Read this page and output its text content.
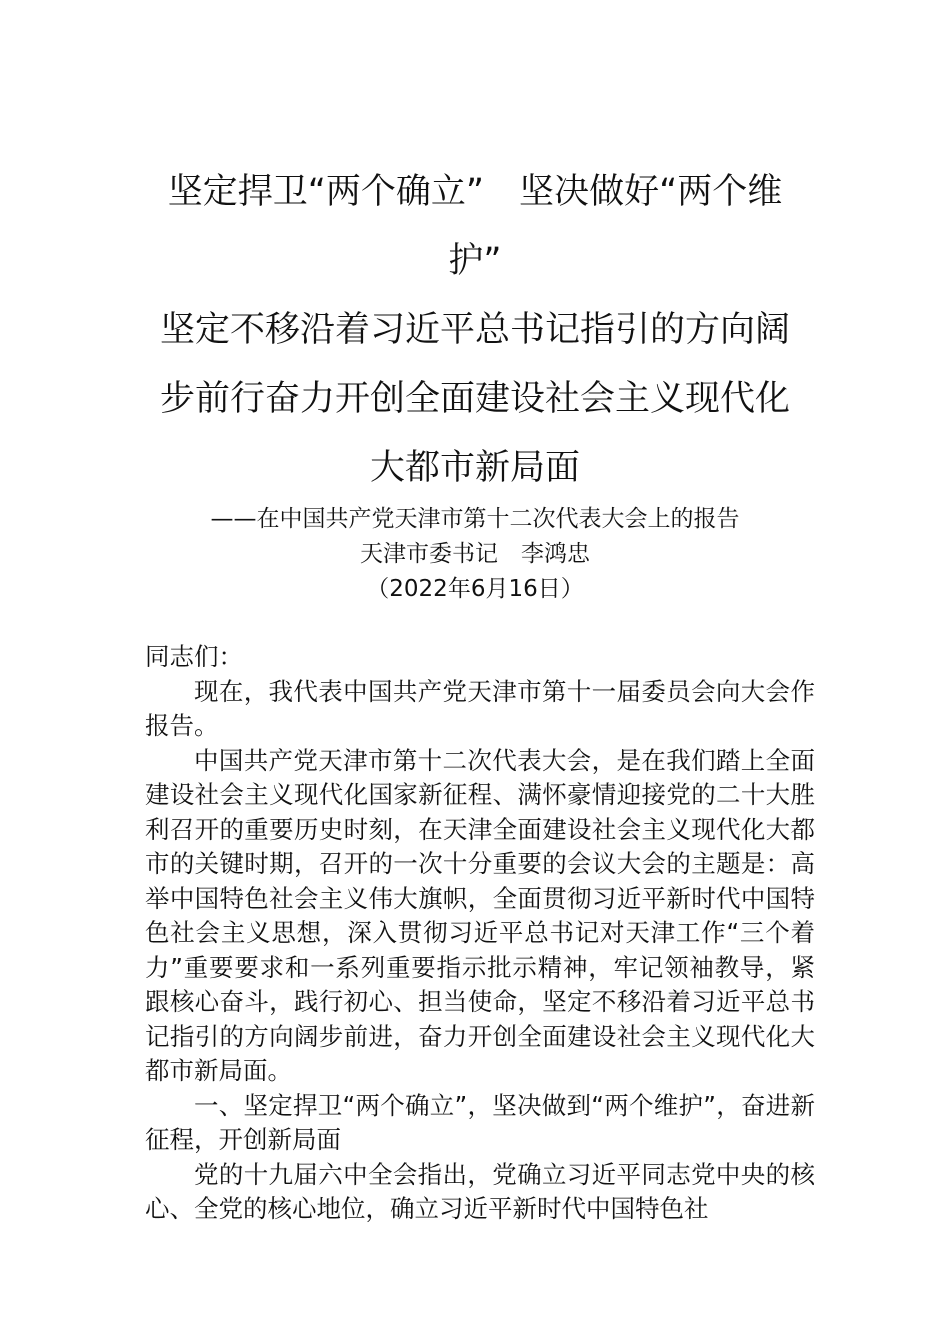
坚定捍卫“两个确立”　坚决做好“两个维
护”
坚定不移沿着习近平总书记指引的方向阔
步前行奋力开创全面建设社会主义现代化
大都市新局面
——在中国共产党天津市第十二次代表大会上的报告
天津市委书记　李鸿忠
（2022年6月16日）

同志们：

现在，我代表中国共产党天津市第十一届委员会向大会作报告。

中国共产党天津市第十二次代表大会，是在我们踏上全面建设社会主义现代化国家新征程、满怀豪情迎接党的二十大胜利召开的重要历史时刻，在天津全面建设社会主义现代化大都市的关键时期，召开的一次十分重要的会议大会的主题是：高举中国特色社会主义伟大旗帜，全面贯彻习近平新时代中国特色社会主义思想，深入贯彻习近平总书记对天津工作“三个着力”重要要求和一系列重要指示批示精神，牢记领袖教导，紧跟核心奋斗，践行初心、担当使命，坚定不移沿着习近平总书记指引的方向阔步前进，奋力开创全面建设社会主义现代化大都市新局面。

一、坚定捍卫“两个确立”，坚决做到“两个维护”，奋进新征程，开创新局面

党的十九届六中全会指出，党确立习近平同志党中央的核心、全党的核心地位，确立习近平新时代中国特色社
